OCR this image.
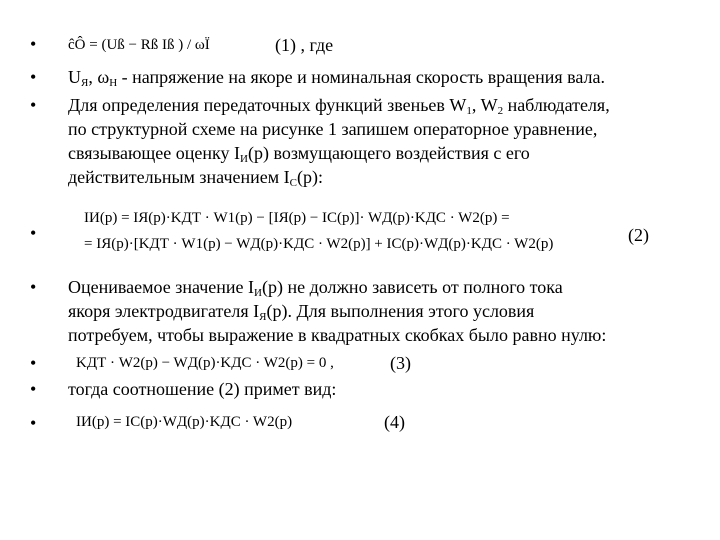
•
•
•
•
•
•
•
•
ĉÔ = (Uß − Rß Iß ) / ωÏ	(1) , где
$U_Я$, $\omega_Н$ - напряжение на якоре и номинальная скорость вращения вала.
Для определения передаточных функций звеньев $W_1$, $W_2$ наблюдателя,
по структурной схеме на рисунке 1 запишем операторное уравнение,
связывающее оценку $I_И(р)$ возмущающего воздействия с его
действительным значением $I_С(р)$:
IИ(p) = IЯ(p)·KДТ · W1(p) − [IЯ(p) − IC(p)]· WД(p)·KДC · W2(p) =
= IЯ(p)·[KДТ · W1(p) − WД(p)·KДC · W2(p)] + IC(p)·WД(p)·KДC · W2(p)	(2)
Оцениваемое значение $I_И(р)$ не должно зависеть от полного тока
якоря электродвигателя $I_Я(р)$. Для выполнения этого условия
потребуем, чтобы выражение в квадратных скобках было равно нулю:
KДТ · W2(p) − WД(p)·KДC · W2(p) = 0 ,	(3)
тогда соотношение (2) примет вид:
IИ(p) = IC(p)·WД(p)·KДC · W2(p)	(4)
